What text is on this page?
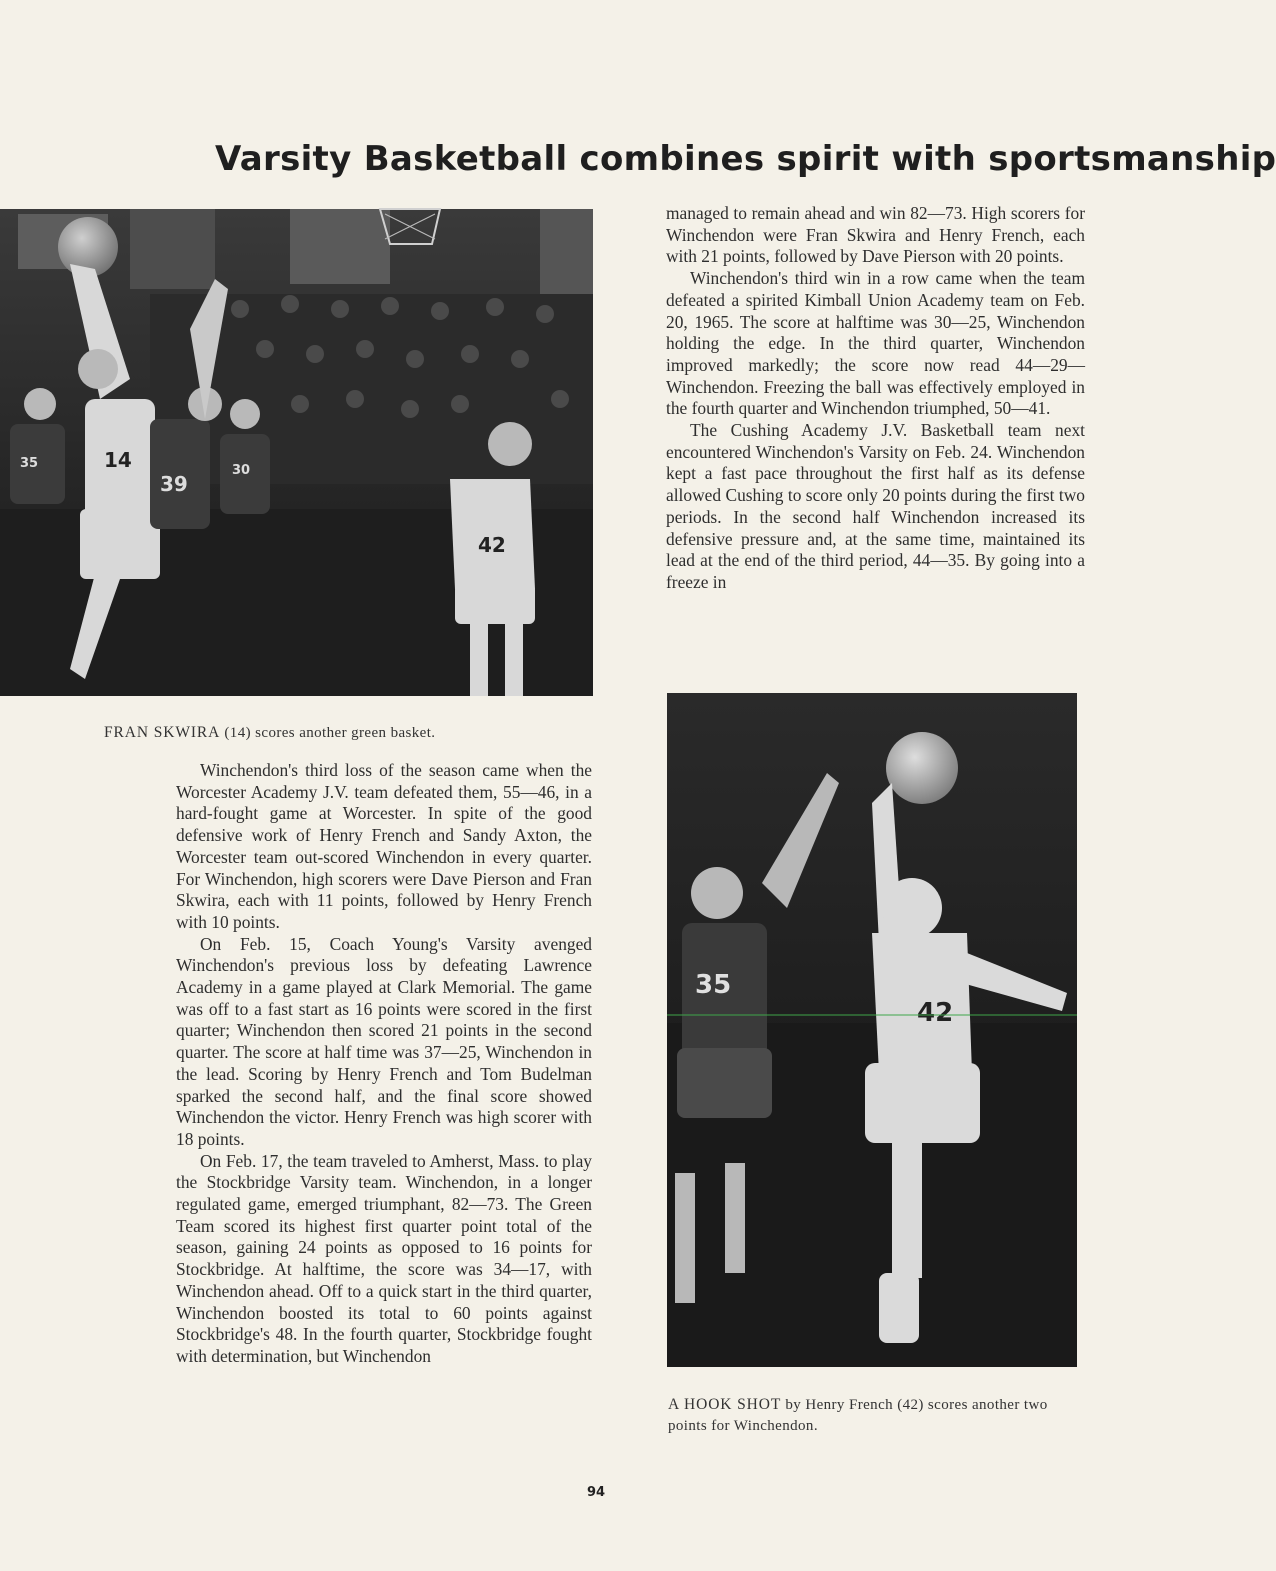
Varsity Basketball combines spirit with sportsmanship
35	14
39
30
42
FRAN SKWIRA (14) scores another green basket.

managed to remain ahead and win 82—73. High scorers for Winchendon were Fran Skwira and Henry French, each with 21 points, followed by Dave Pierson with 20 points.

Winchendon's third win in a row came when the team defeated a spirited Kimball Union Academy team on Feb. 20, 1965. The score at halftime was 30—25, Winchendon holding the edge. In the third quarter, Winchendon improved markedly; the score now read 44—29—Winchendon. Freezing the ball was effectively employed in the fourth quarter and Winchendon triumphed, 50—41.

The Cushing Academy J.V. Basketball team next encountered Winchendon's Varsity on Feb. 24. Winchendon kept a fast pace throughout the first half as its defense allowed Cushing to score only 20 points during the first two periods. In the second half Winchendon increased its defensive pressure and, at the same time, maintained its lead at the end of the third period, 44—35. By going into a freeze in

35
42
A HOOK SHOT by Henry French (42) scores another two points for Winchendon.

Winchendon's third loss of the season came when the Worcester Academy J.V. team defeated them, 55—46, in a hard-fought game at Worcester. In spite of the good defensive work of Henry French and Sandy Axton, the Worcester team out-scored Winchendon in every quarter. For Winchendon, high scorers were Dave Pierson and Fran Skwira, each with 11 points, followed by Henry French with 10 points.

On Feb. 15, Coach Young's Varsity avenged Winchendon's previous loss by defeating Lawrence Academy in a game played at Clark Memorial. The game was off to a fast start as 16 points were scored in the first quarter; Winchendon then scored 21 points in the second quarter. The score at half time was 37—25, Winchendon in the lead. Scoring by Henry French and Tom Budelman sparked the second half, and the final score showed Winchendon the victor. Henry French was high scorer with 18 points.

On Feb. 17, the team traveled to Amherst, Mass. to play the Stockbridge Varsity team. Winchendon, in a longer regulated game, emerged triumphant, 82—73. The Green Team scored its highest first quarter point total of the season, gaining 24 points as opposed to 16 points for Stockbridge. At halftime, the score was 34—17, with Winchendon ahead. Off to a quick start in the third quarter, Winchendon boosted its total to 60 points against Stockbridge's 48. In the fourth quarter, Stockbridge fought with determination, but Winchendon

94
